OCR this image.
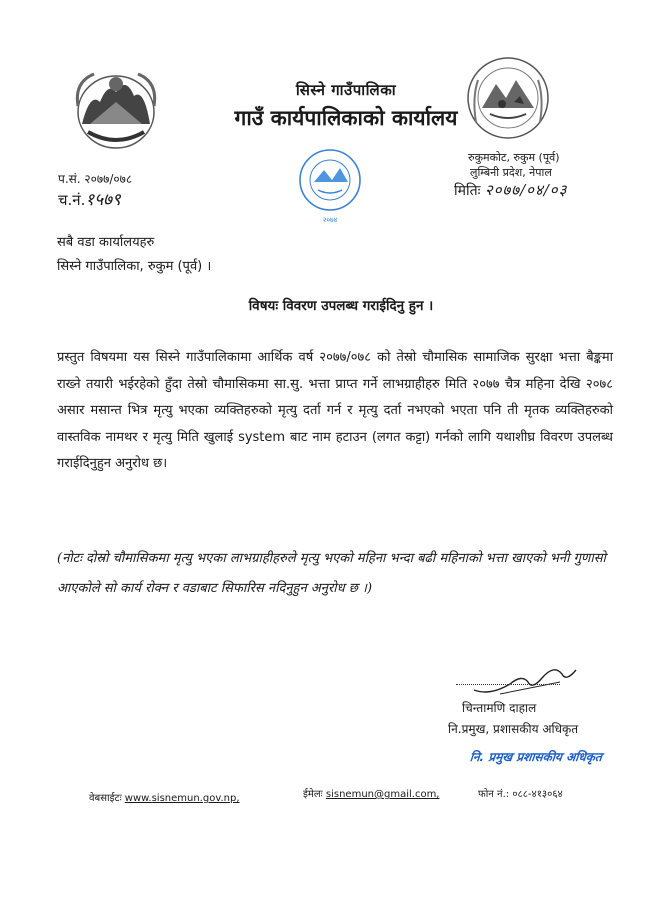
२०७४
सिस्ने गाउँपालिका
गाउँ कार्यपालिकाको कार्यालय
प.सं. २०७७/०७८
च.नं.१५७९
रुकुमकोट, रुकुम (पूर्व)
लुम्बिनी प्रदेश, नेपाल
मितिः २०७७/०४/०३
सबै वडा कार्यालयहरु
सिस्ने गाउँपालिका, रुकुम (पूर्व) ।
विषयः विवरण उपलब्ध गराईदिनु हुन ।
प्रस्तुत विषयमा यस सिस्ने गाउँपालिकामा आर्थिक वर्ष २०७७/०७८ को तेस्रो चौमासिक सामाजिक सुरक्षा भत्ता बैङ्कमा राख्ने तयारी भईरहेको हुँदा तेस्रो चौमासिकमा सा.सु. भत्ता प्राप्त गर्ने लाभग्राहीहरु मिति २०७७ चैत्र महिना देखि २०७८ असार मसान्त भित्र मृत्यु भएका व्यक्तिहरुको मृत्यु दर्ता गर्न र मृत्यु दर्ता नभएको भएता पनि ती मृतक व्यक्तिहरुको वास्तविक नामथर र मृत्यु मिति खुलाई system बाट नाम हटाउन (लगत कट्टा) गर्नको लागि यथाशीघ्र विवरण उपलब्ध गराईदिनुहुन अनुरोध छ।
(नोटः दोस्रो चौमासिकमा मृत्यु भएका लाभग्राहीहरुले मृत्यु भएको महिना भन्दा बढी महिनाको भत्ता खाएको भनी गुणासो आएकोले सो कार्य रोक्न र वडाबाट सिफारिस नदिनुहुन अनुरोध छ ।)
चिन्तामणि दाहाल
नि.प्रमुख, प्रशासकीय अधिकृत
नि. प्रमुख प्रशासकीय अधिकृत
वेबसाईटः www.sisnemun.gov.np,	ईमेलः sisnemun@gmail.com,	फोन नं.: ०८८-४१३०६४
